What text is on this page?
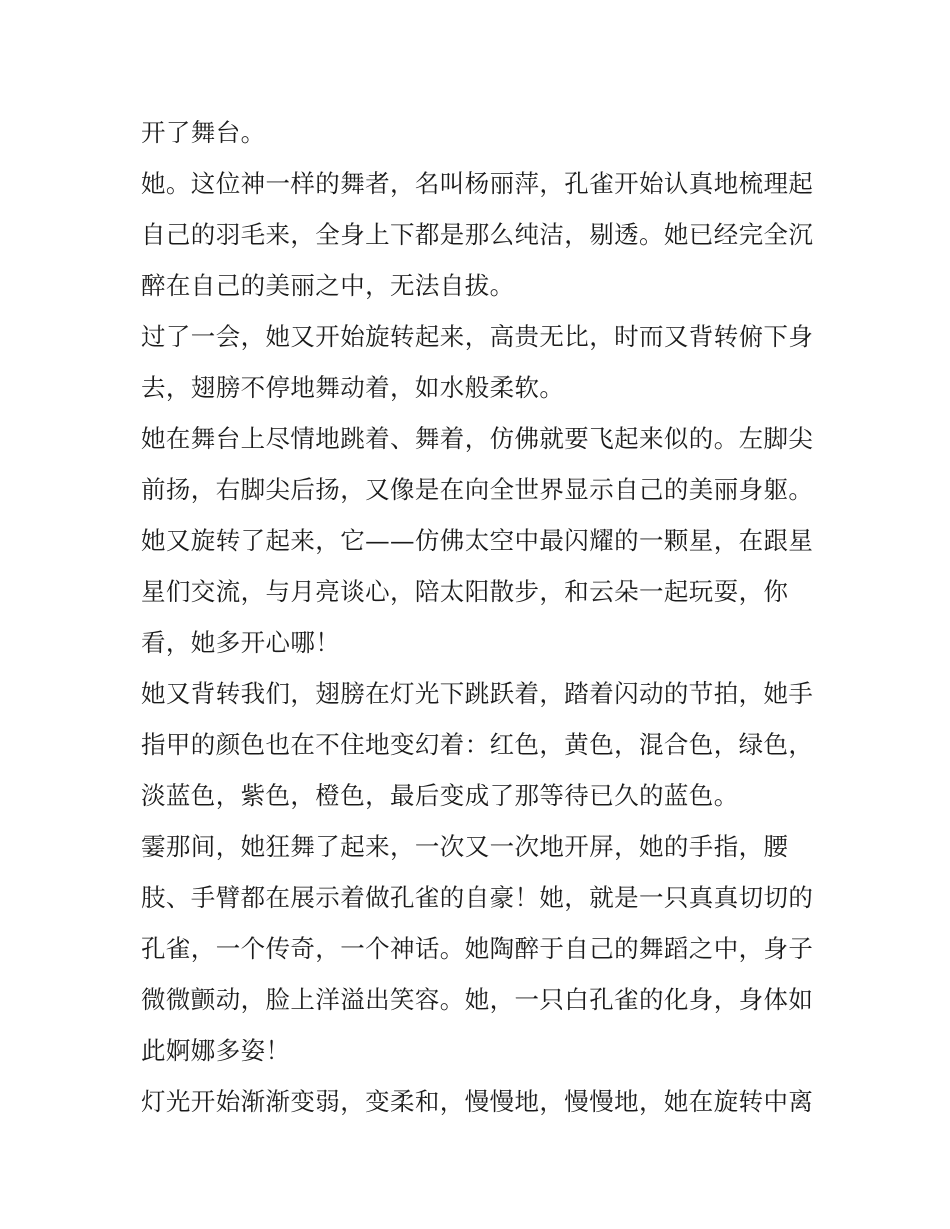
开了舞台。
她。这位神一样的舞者，名叫杨丽萍，孔雀开始认真地梳理起
自己的羽毛来，全身上下都是那么纯洁，剔透。她已经完全沉
醉在自己的美丽之中，无法自拔。
过了一会，她又开始旋转起来，高贵无比，时而又背转俯下身
去，翅膀不停地舞动着，如水般柔软。
她在舞台上尽情地跳着、舞着，仿佛就要飞起来似的。左脚尖
前扬，右脚尖后扬，又像是在向全世界显示自己的美丽身躯。
她又旋转了起来，它——仿佛太空中最闪耀的一颗星，在跟星
星们交流，与月亮谈心，陪太阳散步，和云朵一起玩耍，你
看，她多开心哪！
她又背转我们，翅膀在灯光下跳跃着，踏着闪动的节拍，她手
指甲的颜色也在不住地变幻着：红色，黄色，混合色，绿色，
淡蓝色，紫色，橙色，最后变成了那等待已久的蓝色。
霎那间，她狂舞了起来，一次又一次地开屏，她的手指，腰
肢、手臂都在展示着做孔雀的自豪！她，就是一只真真切切的
孔雀，一个传奇，一个神话。她陶醉于自己的舞蹈之中，身子
微微颤动，脸上洋溢出笑容。她，一只白孔雀的化身，身体如
此婀娜多姿！
灯光开始渐渐变弱，变柔和，慢慢地，慢慢地，她在旋转中离
